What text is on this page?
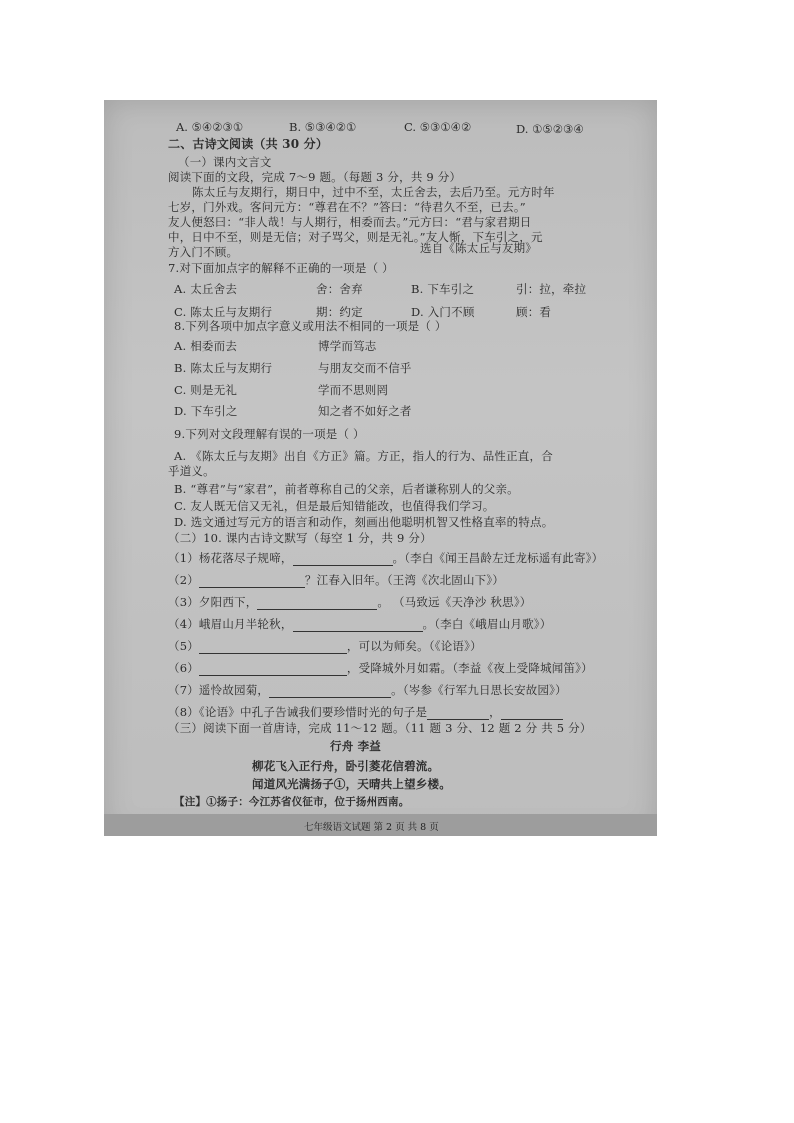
A. ⑤④②③①	B. ⑤③④②①	C. ⑤③①④②	D. ①⑤②③④
二、古诗文阅读（共 30 分）
（一）课内文言文
阅读下面的文段，完成 7～9 题。（每题 3 分，共 9 分）
陈太丘与友期行，期日中，过中不至，太丘舍去，去后乃至。元方时年
七岁，门外戏。客问元方：“尊君在不？”答曰：“待君久不至，已去。”
友人便怒曰：“非人哉！与人期行，相委而去。”元方曰：“君与家君期日
中，日中不至，则是无信；对子骂父，则是无礼。”友人惭，下车引之，元
方入门不顾。	选自《陈太丘与友期》
7.对下面加点字的解释不正确的一项是（ ）
A. 太丘舍去	舍：舍弃	B. 下车引之	引：拉，牵拉
C. 陈太丘与友期行	期：约定	D. 入门不顾	顾：看
8.下列各项中加点字意义或用法不相同的一项是（ ）
A. 相委而去	博学而笃志
B. 陈太丘与友期行	与朋友交而不信乎
C. 则是无礼	学而不思则罔
D. 下车引之	知之者不如好之者
9.下列对文段理解有误的一项是（ ）
A. 《陈太丘与友期》出自《方正》篇。方正，指人的行为、品性正直，合
乎道义。
B. “尊君”与“家君”，前者尊称自己的父亲，后者谦称别人的父亲。
C. 友人既无信又无礼，但是最后知错能改，也值得我们学习。
D. 选文通过写元方的语言和动作，刻画出他聪明机智又性格直率的特点。
（二）10. 课内古诗文默写（每空 1 分，共 9 分）
（1）杨花落尽子规啼，	。（李白《闻王昌龄左迁龙标遥有此寄》）
（2）	？江春入旧年。（王湾《次北固山下》）
（3）夕阳西下，	。 （马致远《天净沙 秋思》）
（4）峨眉山月半轮秋，	。（李白《峨眉山月歌》）
（5）	，可以为师矣。（《论语》）
（6）	，受降城外月如霜。（李益《夜上受降城闻笛》）
（7）遥怜故园菊，	。（岑参《行军九日思长安故园》）
（8）《论语》中孔子告诫我们要珍惜时光的句子是	，
（三）阅读下面一首唐诗，完成 11～12 题。（11 题 3 分、12 题 2 分 共 5 分）
行舟 李益
柳花飞入正行舟，卧引菱花信碧流。
闻道风光满扬子①，天晴共上望乡楼。
【注】①扬子：今江苏省仪征市，位于扬州西南。
七年级语文试题 第 2 页 共 8 页
